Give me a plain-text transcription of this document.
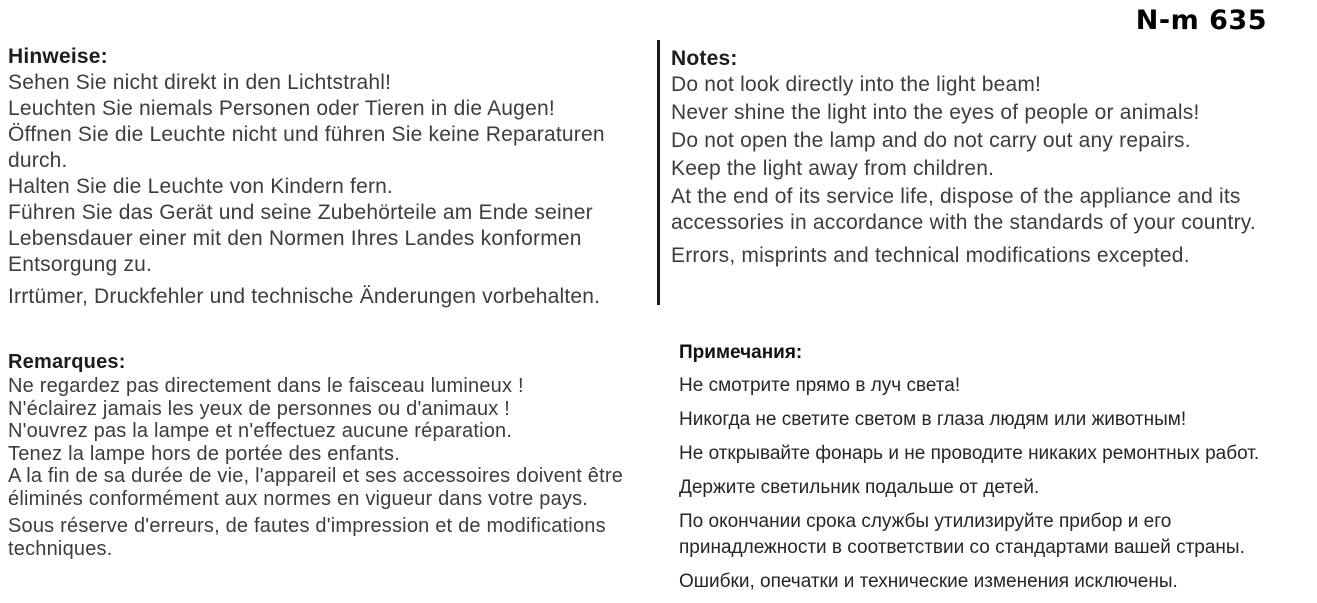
N-m 635
Hinweise:

Sehen Sie nicht direkt in den Lichtstrahl!

Leuchten Sie niemals Personen oder Tieren in die Augen!

Öffnen Sie die Leuchte nicht und führen Sie keine Reparaturen durch.

Halten Sie die Leuchte von Kindern fern.

Führen Sie das Gerät und seine Zubehörteile am Ende seiner Lebensdauer einer mit den Normen Ihres Landes konformen Entsorgung zu.

Irrtümer, Druckfehler und technische Änderungen vorbehalten.

Notes:

Do not look directly into the light beam!

Never shine the light into the eyes of people or animals!

Do not open the lamp and do not carry out any repairs.

Keep the light away from children.

At the end of its service life, dispose of the appliance and its accessories in accordance with the standards of your country.

Errors, misprints and technical modifications excepted.

Remarques:

Ne regardez pas directement dans le faisceau lumineux !

N'éclairez jamais les yeux de personnes ou d'animaux !

N'ouvrez pas la lampe et n'effectuez aucune réparation.

Tenez la lampe hors de portée des enfants.

A la fin de sa durée de vie, l'appareil et ses accessoires doivent être éliminés conformément aux normes en vigueur dans votre pays.

Sous réserve d'erreurs, de fautes d'impression et de modifications techniques.

Примечания:

Не смотрите прямо в луч света!

Никогда не светите светом в глаза людям или животным!

Не открывайте фонарь и не проводите никаких ремонтных работ.

Держите светильник подальше от детей.

По окончании срока службы утилизируйте прибор и его принадлежности в соответствии со стандартами вашей страны.

Ошибки, опечатки и технические изменения исключены.
